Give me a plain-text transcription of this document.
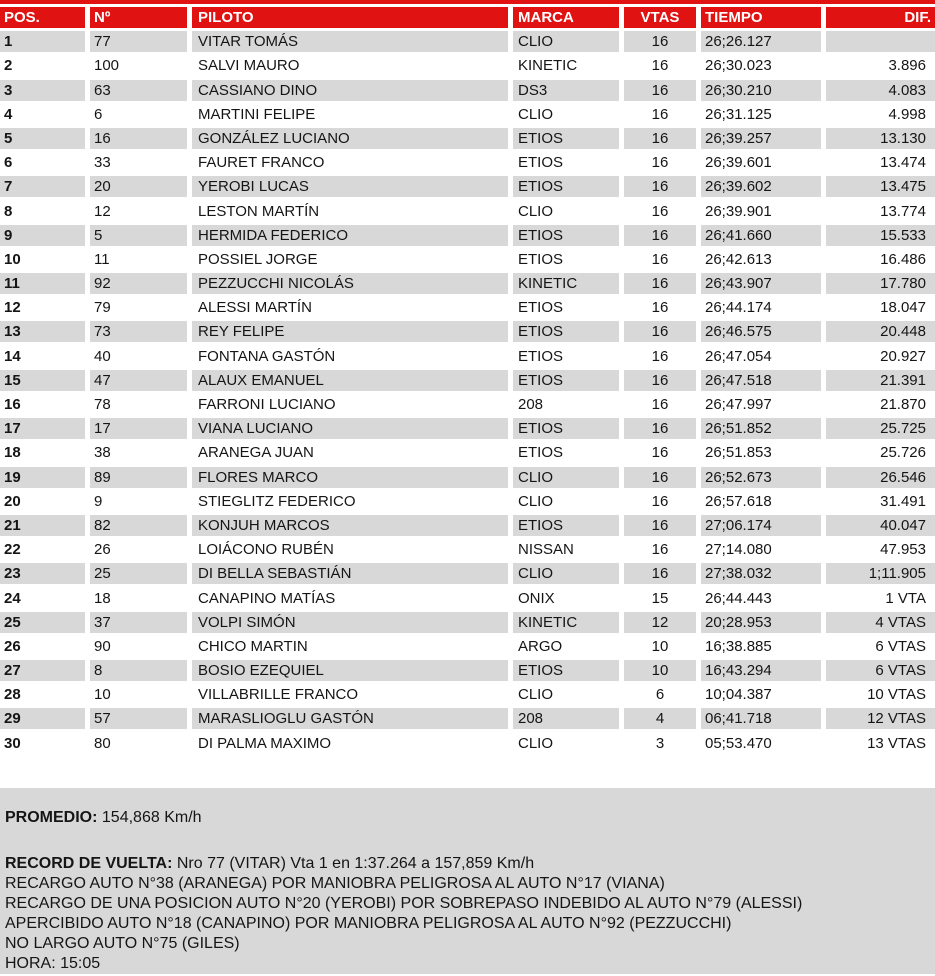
POS.	Nº	PILOTO	MARCA	VTAS	TIEMPO	DIF.
1	77	VITAR TOMÁS	CLIO	16	26;26.127
2	100	SALVI MAURO	KINETIC	16	26;30.023	3.896
3	63	CASSIANO DINO	DS3	16	26;30.210	4.083
4	6	MARTINI FELIPE	CLIO	16	26;31.125	4.998
5	16	GONZÁLEZ LUCIANO	ETIOS	16	26;39.257	13.130
6	33	FAURET FRANCO	ETIOS	16	26;39.601	13.474
7	20	YEROBI LUCAS	ETIOS	16	26;39.602	13.475
8	12	LESTON MARTÍN	CLIO	16	26;39.901	13.774
9	5	HERMIDA FEDERICO	ETIOS	16	26;41.660	15.533
10	11	POSSIEL JORGE	ETIOS	16	26;42.613	16.486
11	92	PEZZUCCHI NICOLÁS	KINETIC	16	26;43.907	17.780
12	79	ALESSI MARTÍN	ETIOS	16	26;44.174	18.047
13	73	REY FELIPE	ETIOS	16	26;46.575	20.448
14	40	FONTANA GASTÓN	ETIOS	16	26;47.054	20.927
15	47	ALAUX EMANUEL	ETIOS	16	26;47.518	21.391
16	78	FARRONI LUCIANO	208	16	26;47.997	21.870
17	17	VIANA LUCIANO	ETIOS	16	26;51.852	25.725
18	38	ARANEGA JUAN	ETIOS	16	26;51.853	25.726
19	89	FLORES MARCO	CLIO	16	26;52.673	26.546
20	9	STIEGLITZ FEDERICO	CLIO	16	26;57.618	31.491
21	82	KONJUH MARCOS	ETIOS	16	27;06.174	40.047
22	26	LOIÁCONO RUBÉN	NISSAN	16	27;14.080	47.953
23	25	DI BELLA SEBASTIÁN	CLIO	16	27;38.032	1;11.905
24	18	CANAPINO MATÍAS	ONIX	15	26;44.443	1 VTA
25	37	VOLPI SIMÓN	KINETIC	12	20;28.953	4 VTAS
26	90	CHICO MARTIN	ARGO	10	16;38.885	6 VTAS
27	8	BOSIO EZEQUIEL	ETIOS	10	16;43.294	6 VTAS
28	10	VILLABRILLE FRANCO	CLIO	6	10;04.387	10 VTAS
29	57	MARASLIOGLU GASTÓN	208	4	06;41.718	12 VTAS
30	80	DI PALMA MAXIMO	CLIO	3	05;53.470	13 VTAS

PROMEDIO: 154,868 Km/h

RECORD DE VUELTA: Nro 77 (VITAR) Vta 1 en 1:37.264 a 157,859 Km/h

RECARGO AUTO N°38 (ARANEGA) POR MANIOBRA PELIGROSA AL AUTO N°17 (VIANA)

RECARGO DE UNA POSICION AUTO N°20 (YEROBI) POR SOBREPASO INDEBIDO AL AUTO N°79 (ALESSI)

APERCIBIDO AUTO N°18 (CANAPINO) POR MANIOBRA PELIGROSA AL AUTO N°92 (PEZZUCCHI)

NO LARGO AUTO N°75 (GILES)

HORA: 15:05
